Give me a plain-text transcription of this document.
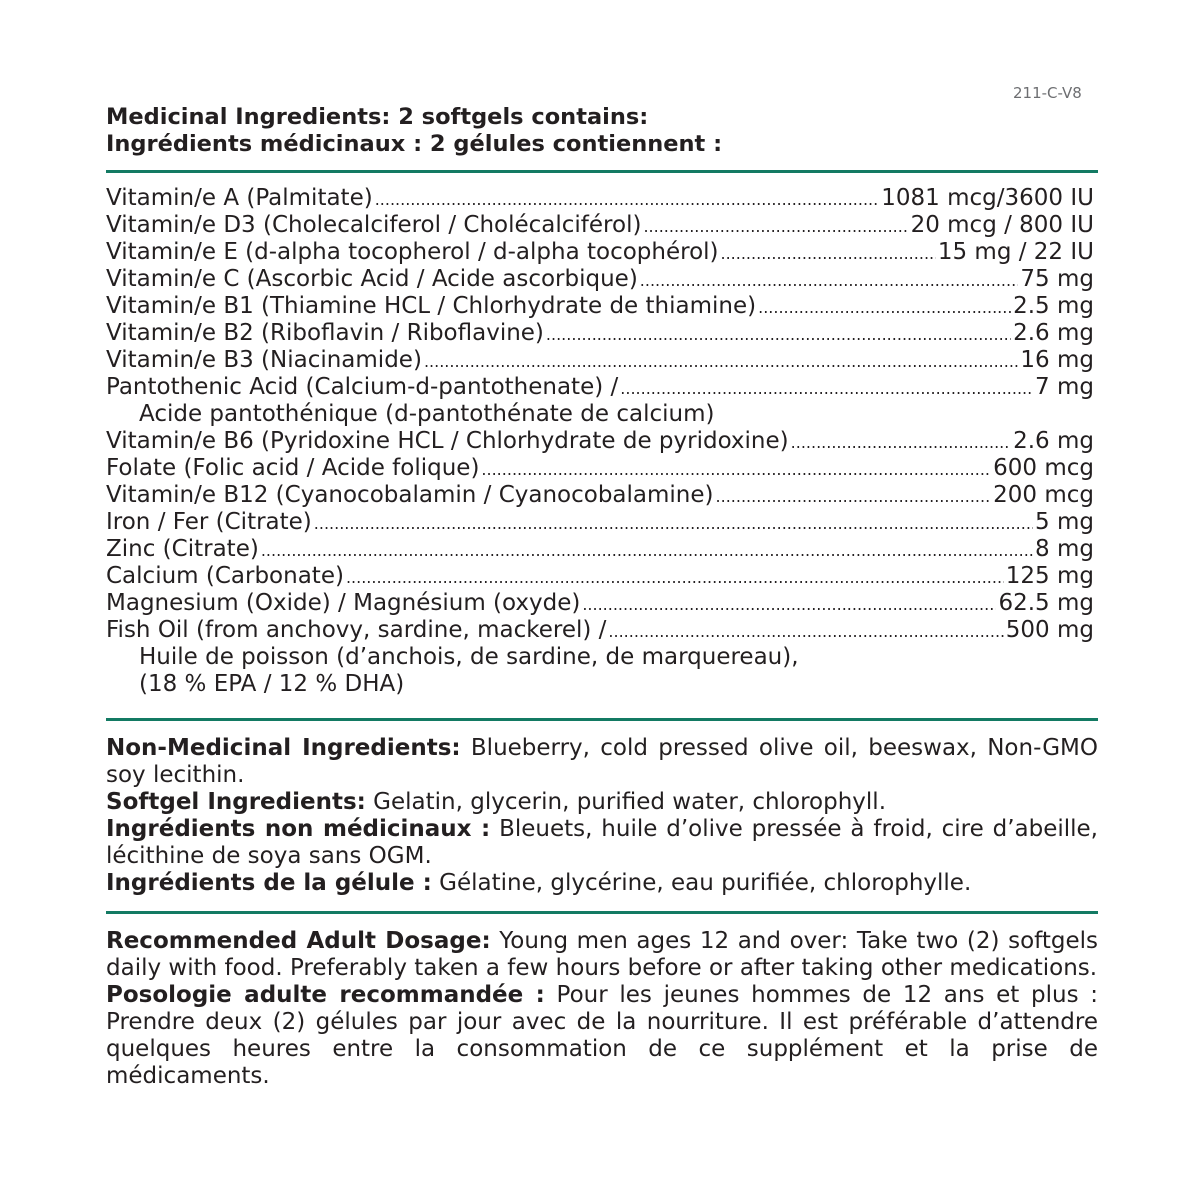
211-C-V8
Medicinal Ingredients: 2 softgels contains:
Ingrédients médicinaux : 2 gélules contiennent :
Vitamin/e A (Palmitate) .....	1081 mcg/3600 IU
Vitamin/e D3 (Cholecalciferol / Cholécalciférol) .....	20 mcg / 800 IU
Vitamin/e E (d-alpha tocopherol / d-alpha tocophérol) .....	15 mg / 22 IU
Vitamin/e C (Ascorbic Acid / Acide ascorbique) .....	75 mg
Vitamin/e B1 (Thiamine HCL / Chlorhydrate de thiamine) .....	2.5 mg
Vitamin/e B2 (Riboflavin / Riboflavine) .....	2.6 mg
Vitamin/e B3 (Niacinamide) .....	16 mg
Pantothenic Acid (Calcium-d-pantothenate) / .....	7 mg
Acide pantothénique (d-pantothénate de calcium)
Vitamin/e B6 (Pyridoxine HCL / Chlorhydrate de pyridoxine) .....	2.6 mg
Folate (Folic acid / Acide folique) .....	600 mcg
Vitamin/e B12 (Cyanocobalamin / Cyanocobalamine) .....	200 mcg
Iron / Fer (Citrate) .....	5 mg
Zinc (Citrate) .....	8 mg
Calcium (Carbonate) .....	125 mg
Magnesium (Oxide) / Magnésium (oxyde) .....	62.5 mg
Fish Oil (from anchovy, sardine, mackerel) / .....	500 mg
Huile de poisson (d’anchois, de sardine, de marquereau),
(18 % EPA / 12 % DHA)
Non-Medicinal Ingredients: Blueberry, cold pressed olive oil, beeswax, Non-GMO soy lecithin.
Softgel Ingredients: Gelatin, glycerin, purified water, chlorophyll.
Ingrédients non médicinaux : Bleuets, huile d’olive pressée à froid, cire d’abeille, lécithine de soya sans OGM.
Ingrédients de la gélule : Gélatine, glycérine, eau purifiée, chlorophylle.
Recommended Adult Dosage: Young men ages 12 and over: Take two (2) softgels daily with food. Preferably taken a few hours before or after taking other medications.
Posologie adulte recommandée : Pour les jeunes hommes de 12 ans et plus : Prendre deux (2) gélules par jour avec de la nourriture. Il est préférable d’attendre quelques heures entre la consommation de ce supplément et la prise de médicaments.
